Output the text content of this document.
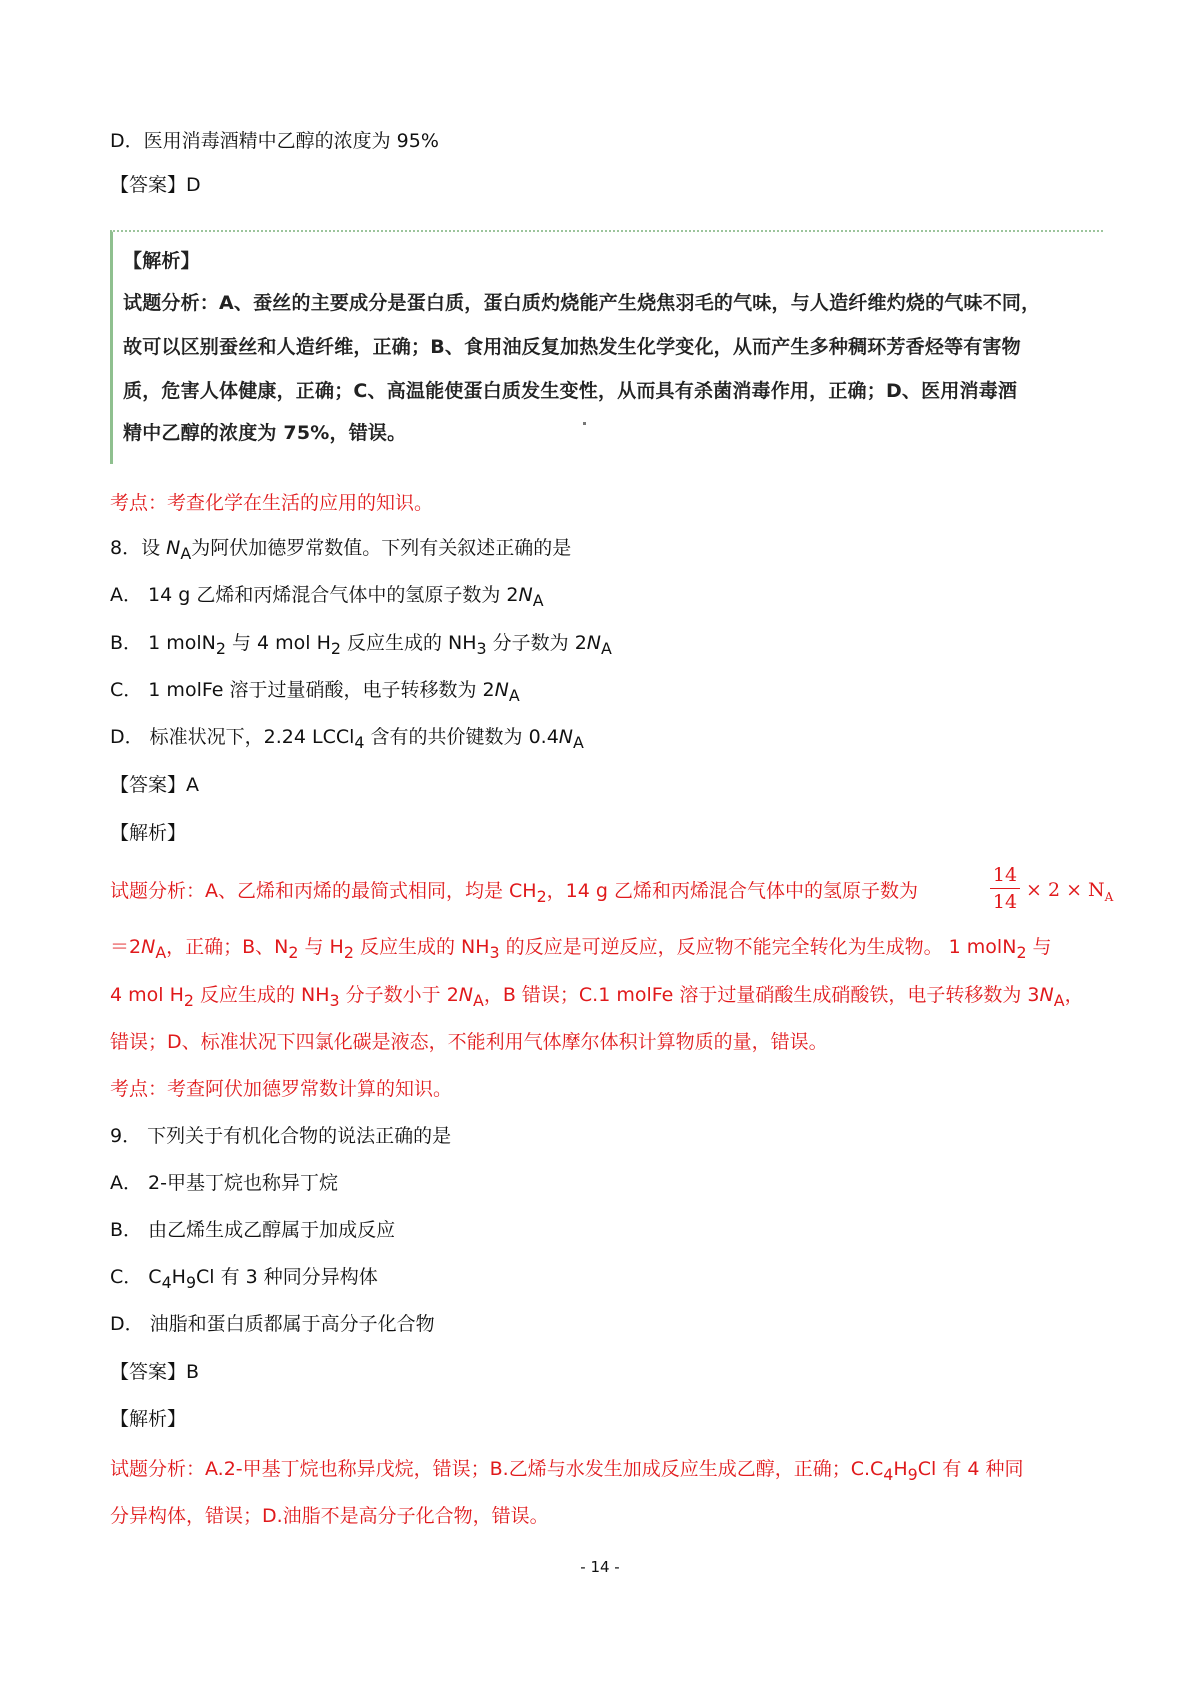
D．医用消毒酒精中乙醇的浓度为 95%
【答案】D
【解析】
试题分析：A、蚕丝的主要成分是蛋白质，蛋白质灼烧能产生烧焦羽毛的气味，与人造纤维灼烧的气味不同，
故可以区别蚕丝和人造纤维，正确；B、食用油反复加热发生化学变化，从而产生多种稠环芳香烃等有害物
质，危害人体健康，正确；C、高温能使蛋白质发生变性，从而具有杀菌消毒作用，正确；D、医用消毒酒
精中乙醇的浓度为 75%，错误。
考点：考查化学在生活的应用的知识。
8．设 $N_A$为阿伏加德罗常数值。下列有关叙述正确的是
A． 14 g 乙烯和丙烯混合气体中的氢原子数为 $2N_A$
B． 1 molN$_2$ 与 4 mol $H_2$ 反应生成的 $NH_3$ 分子数为 $2N_A$
C． 1 molFe 溶于过量硝酸，电子转移数为 $2N_A$
D． 标准状况下，2.24 LCCl$_4$ 含有的共价键数为 $0.4N_A$
【答案】A
【解析】
试题分析：A、乙烯和丙烯的最简式相同，均是 $CH_2$，14 g 乙烯和丙烯混合气体中的氢原子数为
14
14
× $2 \times N_A$
$=2N_A$，正确；B、$N_2$ 与 $H_2$ 反应生成的 $NH_3$ 的反应是可逆反应，反应物不能完全转化为生成物。 1 molN$_2$ 与
4 mol $H_2$ 反应生成的 $NH_3$ 分子数小于 $2N_A$，B 错误；C.1 molFe 溶于过量硝酸生成硝酸铁，电子转移数为 $3N_A$，
错误；D、标准状况下四氯化碳是液态，不能利用气体摩尔体积计算物质的量，错误。
考点：考查阿伏加德罗常数计算的知识。
9． 下列关于有机化合物的说法正确的是
A． 2-甲基丁烷也称异丁烷
B． 由乙烯生成乙醇属于加成反应
C． $C_4H_9Cl$ 有 3 种同分异构体
D． 油脂和蛋白质都属于高分子化合物
【答案】B
【解析】
试题分析：A.2-甲基丁烷也称异戊烷，错误；B.乙烯与水发生加成反应生成乙醇，正确；$C.C_4H_9Cl$ 有 4 种同
分异构体，错误；D.油脂不是高分子化合物，错误。
- 14 -
